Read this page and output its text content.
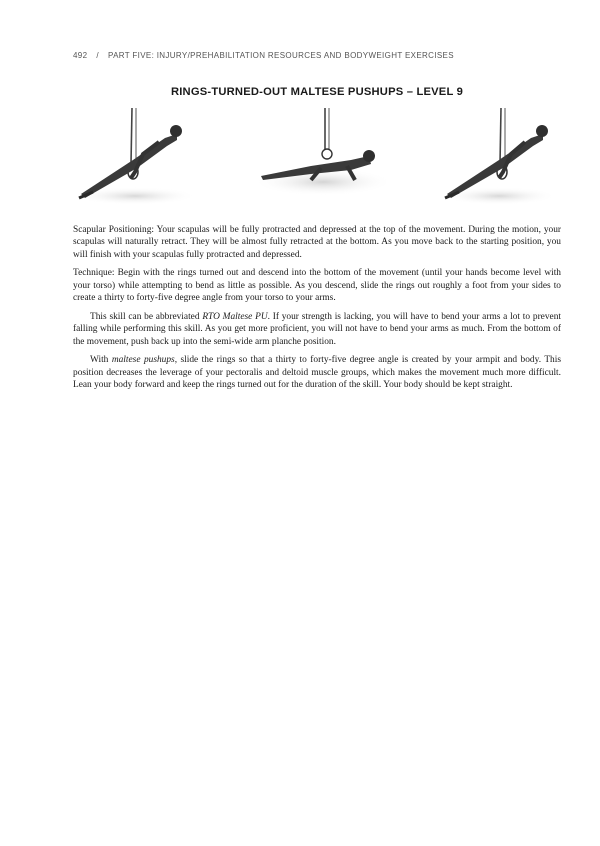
492 / PART FIVE: INJURY/PREHABILITATION RESOURCES AND BODYWEIGHT EXERCISES
RINGS-TURNED-OUT MALTESE PUSHUPS – LEVEL 9

Scapular Positioning: Your scapulas will be fully protracted and depressed at the top of the movement. During the motion, your scapulas will naturally retract. They will be almost fully retracted at the bottom. As you move back to the starting position, you will finish with your scapulas fully protracted and depressed.

Technique: Begin with the rings turned out and descend into the bottom of the movement (until your hands become level with your torso) while attempting to bend as little as possible. As you descend, slide the rings out roughly a foot from your sides to create a thirty to forty-five degree angle from your torso to your arms.

This skill can be abbreviated RTO Maltese PU. If your strength is lacking, you will have to bend your arms a lot to prevent falling while performing this skill. As you get more proficient, you will not have to bend your arms as much. From the bottom of the movement, push back up into the semi-wide arm planche position.

With maltese pushups, slide the rings so that a thirty to forty-five degree angle is created by your armpit and body. This position decreases the leverage of your pectoralis and deltoid muscle groups, which makes the movement much more difficult. Lean your body forward and keep the rings turned out for the duration of the skill. Your body should be kept straight.
